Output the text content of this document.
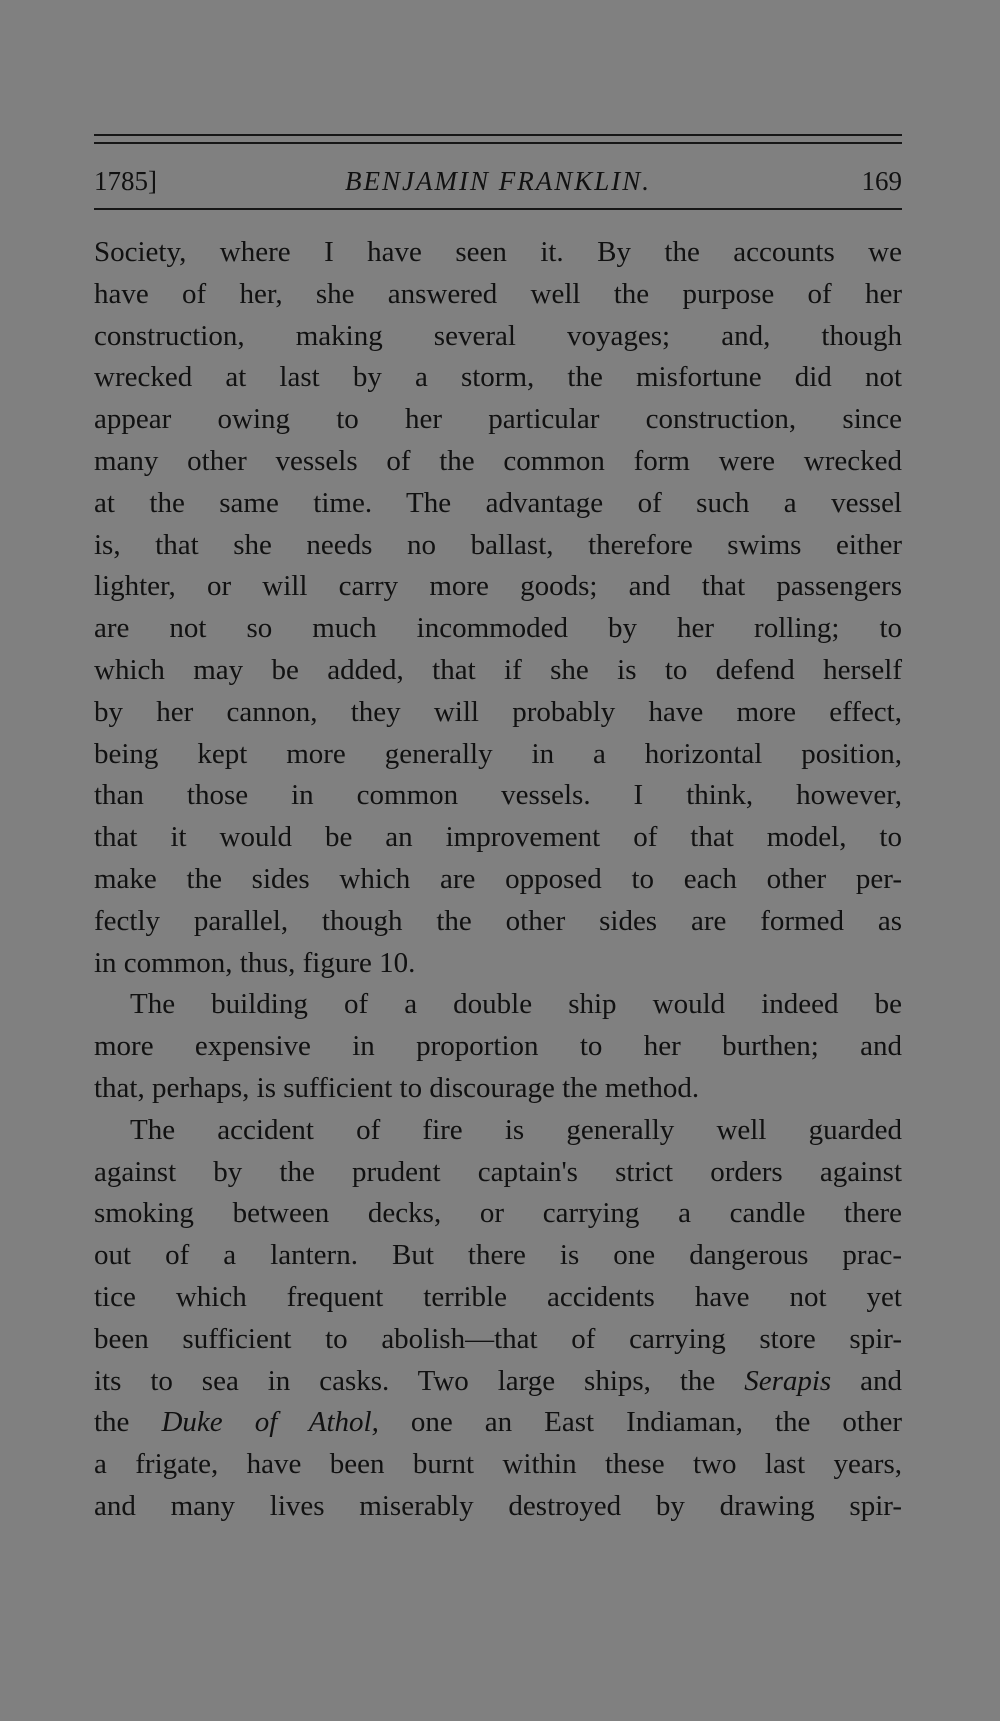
1785]	BENJAMIN FRANKLIN.	169
Society, where I have seen it. By the accounts we
have of her, she answered well the purpose of her
construction, making several voyages; and, though
wrecked at last by a storm, the misfortune did not
appear owing to her particular construction, since
many other vessels of the common form were wrecked
at the same time. The advantage of such a vessel
is, that she needs no ballast, therefore swims either
lighter, or will carry more goods; and that passengers
are not so much incommoded by her rolling; to
which may be added, that if she is to defend herself
by her cannon, they will probably have more effect,
being kept more generally in a horizontal position,
than those in common vessels. I think, however,
that it would be an improvement of that model, to
make the sides which are opposed to each other per-
fectly parallel, though the other sides are formed as
in common, thus, figure 10.
The building of a double ship would indeed be
more expensive in proportion to her burthen; and
that, perhaps, is sufficient to discourage the method.
The accident of fire is generally well guarded
against by the prudent captain's strict orders against
smoking between decks, or carrying a candle there
out of a lantern. But there is one dangerous prac-
tice which frequent terrible accidents have not yet
been sufficient to abolish—that of carrying store spir-
its to sea in casks. Two large ships, the Serapis and
the Duke of Athol, one an East Indiaman, the other
a frigate, have been burnt within these two last years,
and many lives miserably destroyed by drawing spir-
